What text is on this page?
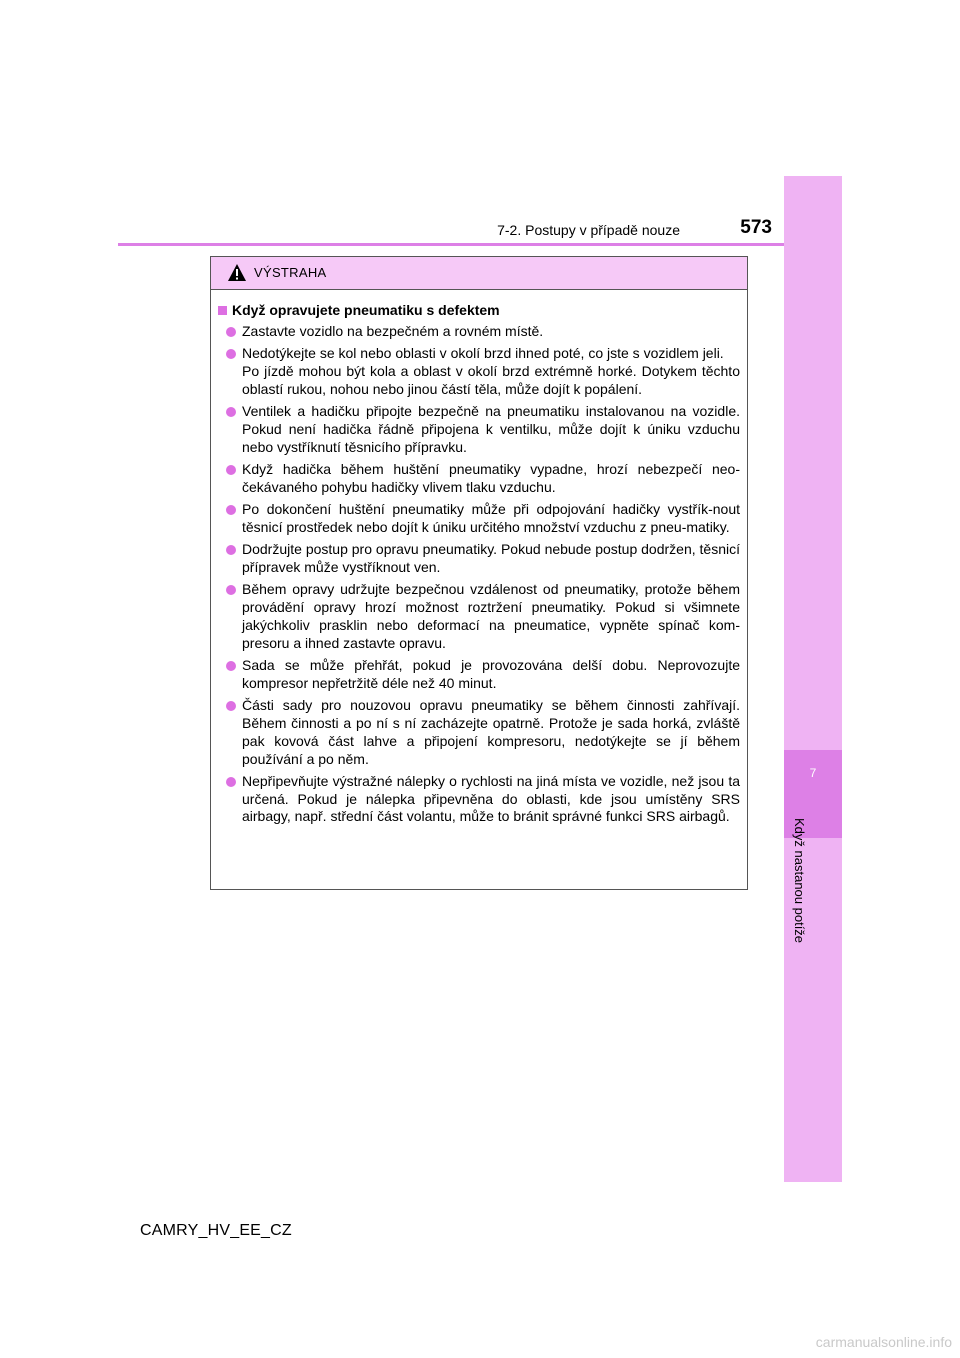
7
Když nastanou potíže
7-2. Postupy v případě nouze	573
VÝSTRAHA
Když opravujete pneumatiku s defektem

Zastavte vozidlo na bezpečném a rovném místě.

Nedotýkejte se kol nebo oblasti v okolí brzd ihned poté, co jste s vozidlem jeli.

Po jízdě mohou být kola a oblast v okolí brzd extrémně horké. Dotykem těchto oblastí rukou, nohou nebo jinou částí těla, může dojít k popálení.

Ventilek a hadičku připojte bezpečně na pneumatiku instalovanou na vozidle. Pokud není hadička řádně připojena k ventilku, může dojít k úniku vzduchu nebo vystříknutí těsnicího přípravku.

Když hadička během huštění pneumatiky vypadne, hrozí nebezpečí neo-čekávaného pohybu hadičky vlivem tlaku vzduchu.

Po dokončení huštění pneumatiky může při odpojování hadičky vystřík-nout těsnicí prostředek nebo dojít k úniku určitého množství vzduchu z pneu-matiky.

Dodržujte postup pro opravu pneumatiky. Pokud nebude postup dodržen, těsnicí přípravek může vystříknout ven.

Během opravy udržujte bezpečnou vzdálenost od pneumatiky, protože během provádění opravy hrozí možnost roztržení pneumatiky. Pokud si všimnete jakýchkoliv prasklin nebo deformací na pneumatice, vypněte spínač kom-presoru a ihned zastavte opravu.

Sada se může přehřát, pokud je provozována delší dobu. Neprovozujte kompresor nepřetržitě déle než 40 minut.

Části sady pro nouzovou opravu pneumatiky se během činnosti zahřívají. Během činnosti a po ní s ní zacházejte opatrně. Protože je sada horká, zvláště pak kovová část lahve a připojení kompresoru, nedotýkejte se jí během používání a po něm.

Nepřipevňujte výstražné nálepky o rychlosti na jiná místa ve vozidle, než jsou ta určená. Pokud je nálepka připevněna do oblasti, kde jsou umístěny SRS airbagy, např. střední část volantu, může to bránit správné funkci SRS airbagů.

CAMRY_HV_EE_CZ
carmanualsonline.info
